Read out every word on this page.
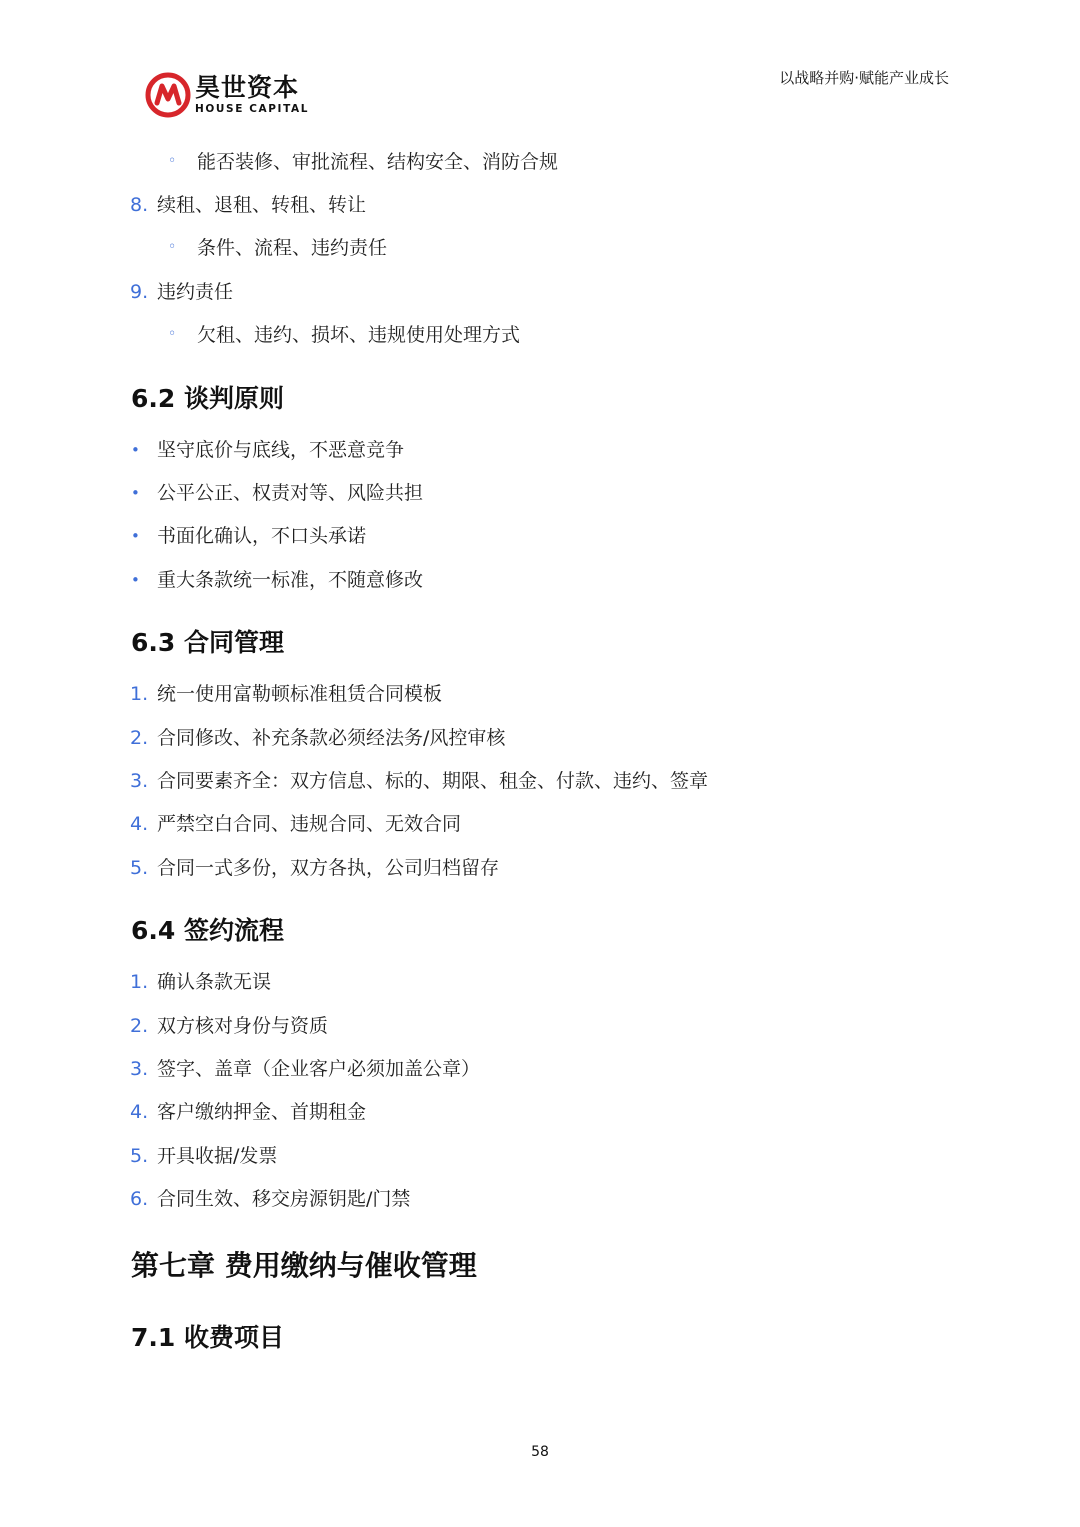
昊世资本
HOUSE CAPITAL
以战略并购·赋能产业成长
◦ 能否装修、审批流程、结构安全、消防合规
8. 续租、退租、转租、转让
◦ 条件、流程、违约责任
9. 违约责任
◦ 欠租、违约、损坏、违规使用处理方式
6.2 谈判原则
• 坚守底价与底线，不恶意竞争
• 公平公正、权责对等、风险共担
• 书面化确认，不口头承诺
• 重大条款统一标准，不随意修改
6.3 合同管理
1. 统一使用富勒顿标准租赁合同模板
2. 合同修改、补充条款必须经法务/风控审核
3. 合同要素齐全：双方信息、标的、期限、租金、付款、违约、签章
4. 严禁空白合同、违规合同、无效合同
5. 合同一式多份，双方各执，公司归档留存
6.4 签约流程
1. 确认条款无误
2. 双方核对身份与资质
3. 签字、盖章（企业客户必须加盖公章）
4. 客户缴纳押金、首期租金
5. 开具收据/发票
6. 合同生效、移交房源钥匙/门禁
第七章 费用缴纳与催收管理
7.1 收费项目
58
